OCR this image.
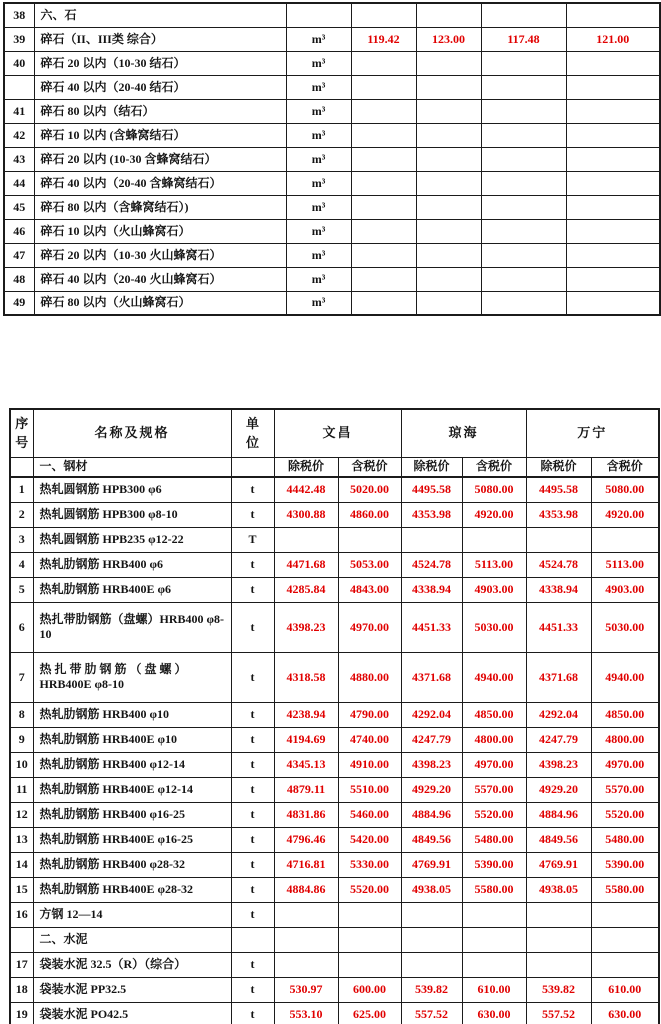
38	六、石					
39	碎石（II、III类 综合）	m³	119.42	123.00	117.48	121.00
40	碎石 20 以内（10-30 结石）	m³				
	碎石 40 以内（20-40 结石）	m³				
41	碎石 80 以内（结石）	m³				
42	碎石 10 以内 (含蜂窝结石）	m³				
43	碎石 20 以内 (10-30 含蜂窝结石）	m³				
44	碎石 40 以内（20-40 含蜂窝结石）	m³				
45	碎石 80 以内（含蜂窝结石）)	m³				
46	碎石 10 以内（火山蜂窝石）	m³				
47	碎石 20 以内（10-30 火山蜂窝石）	m³				
48	碎石 40 以内（20-40 火山蜂窝石）	m³				
49	碎石 80 以内（火山蜂窝石）	m³				
序号	名称及规格	单位	文昌		琼海		万宁	
	一、钢材		除税价	含税价	除税价	含税价	除税价	含税价
1	热轧圆钢筋 HPB300 φ6	t	4442.48	5020.00	4495.58	5080.00	4495.58	5080.00
2	热轧圆钢筋 HPB300 φ8-10	t	4300.88	4860.00	4353.98	4920.00	4353.98	4920.00
3	热轧圆钢筋 HPB235 φ12-22	T						
4	热轧肋钢筋 HRB400 φ6	t	4471.68	5053.00	4524.78	5113.00	4524.78	5113.00
5	热轧肋钢筋 HRB400E φ6	t	4285.84	4843.00	4338.94	4903.00	4338.94	4903.00
6	热扎带肋钢筋（盘螺）HRB400 φ8-10	t	4398.23	4970.00	4451.33	5030.00	4451.33	5030.00
7	热 扎 带 肋 钢 筋 （ 盘 螺 ） HRB400E φ8-10	t	4318.58	4880.00	4371.68	4940.00	4371.68	4940.00
8	热轧肋钢筋 HRB400 φ10	t	4238.94	4790.00	4292.04	4850.00	4292.04	4850.00
9	热轧肋钢筋 HRB400E φ10	t	4194.69	4740.00	4247.79	4800.00	4247.79	4800.00
10	热轧肋钢筋 HRB400 φ12-14	t	4345.13	4910.00	4398.23	4970.00	4398.23	4970.00
11	热轧肋钢筋 HRB400E φ12-14	t	4879.11	5510.00	4929.20	5570.00	4929.20	5570.00
12	热轧肋钢筋 HRB400 φ16-25	t	4831.86	5460.00	4884.96	5520.00	4884.96	5520.00
13	热轧肋钢筋 HRB400E φ16-25	t	4796.46	5420.00	4849.56	5480.00	4849.56	5480.00
14	热轧肋钢筋 HRB400 φ28-32	t	4716.81	5330.00	4769.91	5390.00	4769.91	5390.00
15	热轧肋钢筋 HRB400E φ28-32	t	4884.86	5520.00	4938.05	5580.00	4938.05	5580.00
16	方钢 12—14	t						
	二、水泥							
17	袋装水泥 32.5（R）（综合）	t						
18	袋装水泥 PP32.5	t	530.97	600.00	539.82	610.00	539.82	610.00
19	袋装水泥 PO42.5	t	553.10	625.00	557.52	630.00	557.52	630.00
